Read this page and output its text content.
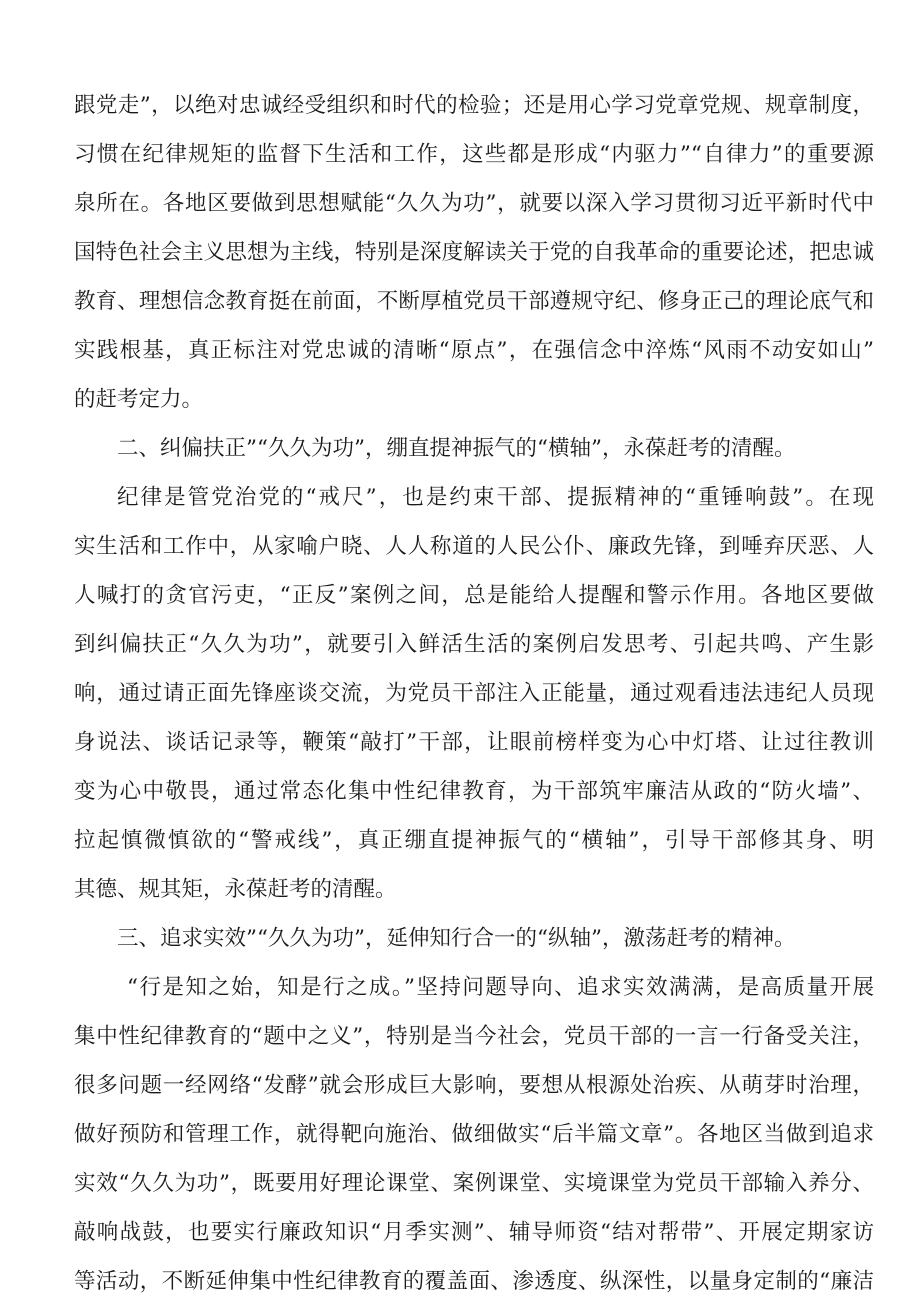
跟党走”，以绝对忠诚经受组织和时代的检验；还是用心学习党章党规、规章制度，
习惯在纪律规矩的监督下生活和工作，这些都是形成“内驱力”“自律力”的重要源
泉所在。各地区要做到思想赋能“久久为功”，就要以深入学习贯彻习近平新时代中
国特色社会主义思想为主线，特别是深度解读关于党的自我革命的重要论述，把忠诚
教育、理想信念教育挺在前面，不断厚植党员干部遵规守纪、修身正己的理论底气和
实践根基，真正标注对党忠诚的清晰“原点”，在强信念中淬炼“风雨不动安如山”
的赶考定力。
二、纠偏扶正”“久久为功”，绷直提神振气的“横轴”，永葆赶考的清醒。
纪律是管党治党的“戒尺”，也是约束干部、提振精神的“重锤响鼓”。在现
实生活和工作中，从家喻户晓、人人称道的人民公仆、廉政先锋，到唾弃厌恶、人
人喊打的贪官污吏，“正反”案例之间，总是能给人提醒和警示作用。各地区要做
到纠偏扶正“久久为功”，就要引入鲜活生活的案例启发思考、引起共鸣、产生影
响，通过请正面先锋座谈交流，为党员干部注入正能量，通过观看违法违纪人员现
身说法、谈话记录等，鞭策“敲打”干部，让眼前榜样变为心中灯塔、让过往教训
变为心中敬畏，通过常态化集中性纪律教育，为干部筑牢廉洁从政的“防火墙”、
拉起慎微慎欲的“警戒线”，真正绷直提神振气的“横轴”，引导干部修其身、明
其德、规其矩，永葆赶考的清醒。
三、追求实效”“久久为功”，延伸知行合一的“纵轴”，激荡赶考的精神。
“行是知之始，知是行之成。”坚持问题导向、追求实效满满，是高质量开展
集中性纪律教育的“题中之义”，特别是当今社会，党员干部的一言一行备受关注，
很多问题一经网络“发酵”就会形成巨大影响，要想从根源处治疾、从萌芽时治理，
做好预防和管理工作，就得靶向施治、做细做实“后半篇文章”。各地区当做到追求
实效“久久为功”，既要用好理论课堂、案例课堂、实境课堂为党员干部输入养分、
敲响战鼓，也要实行廉政知识“月季实测”、辅导师资“结对帮带”、开展定期家访
等活动，不断延伸集中性纪律教育的覆盖面、渗透度、纵深性，以量身定制的“廉洁
